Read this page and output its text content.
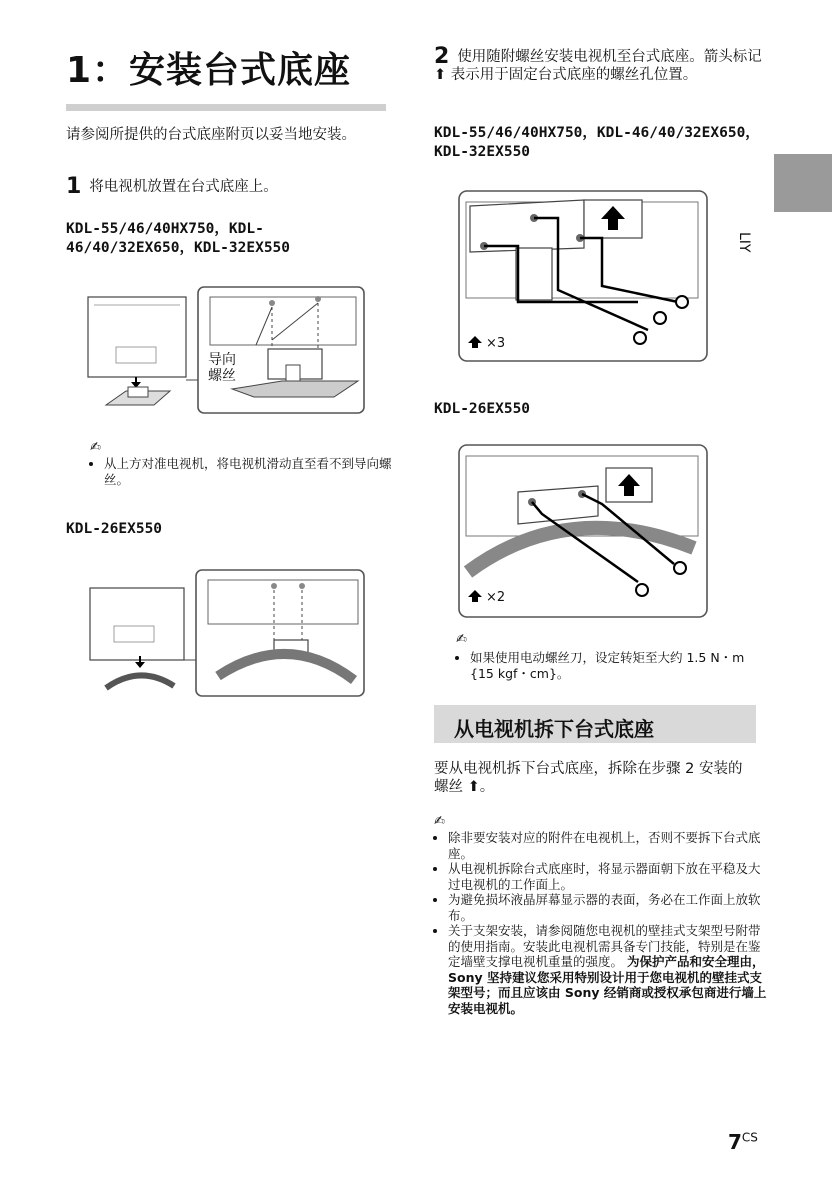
1：安装台式底座
请参阅所提供的台式底座附页以妥当地安装。
1 将电视机放置在台式底座上。
KDL-55/46/40HX750，KDL-46/40/32EX650，KDL-32EX550
导向
螺丝
✍
• 从上方对准电视机，将电视机滑动直至看不到导向螺丝。
KDL-26EX550
2 使用随附螺丝安装电视机至台式底座。箭头标记 ⬆ 表示用于固定台式底座的螺丝孔位置。
KDL-55/46/40HX750，KDL-46/40/32EX650，KDL-32EX550
×3
KDL-26EX550
×2
✍
• 如果使用电动螺丝刀，设定转矩至大约 1.5 N・m {15 kgf・cm}。
从电视机拆下台式底座
要从电视机拆下台式底座，拆除在步骤 2 安装的螺丝 ⬆。
✍
• 除非要安装对应的附件在电视机上，否则不要拆下台式底座。
• 从电视机拆除台式底座时，将显示器面朝下放在平稳及大过电视机的工作面上。
• 为避免损坏液晶屏幕显示器的表面，务必在工作面上放软布。
• 关于支架安装，请参阅随您电视机的壁挂式支架型号附带的使用指南。安装此电视机需具备专门技能，特别是在鉴定墙壁支撑电视机重量的强度。 为保护产品和安全理由，Sony 坚持建议您采用特别设计用于您电视机的壁挂式支架型号；而且应该由 Sony 经销商或授权承包商进行墙上安装电视机。
LIY
$7^{CS}$
